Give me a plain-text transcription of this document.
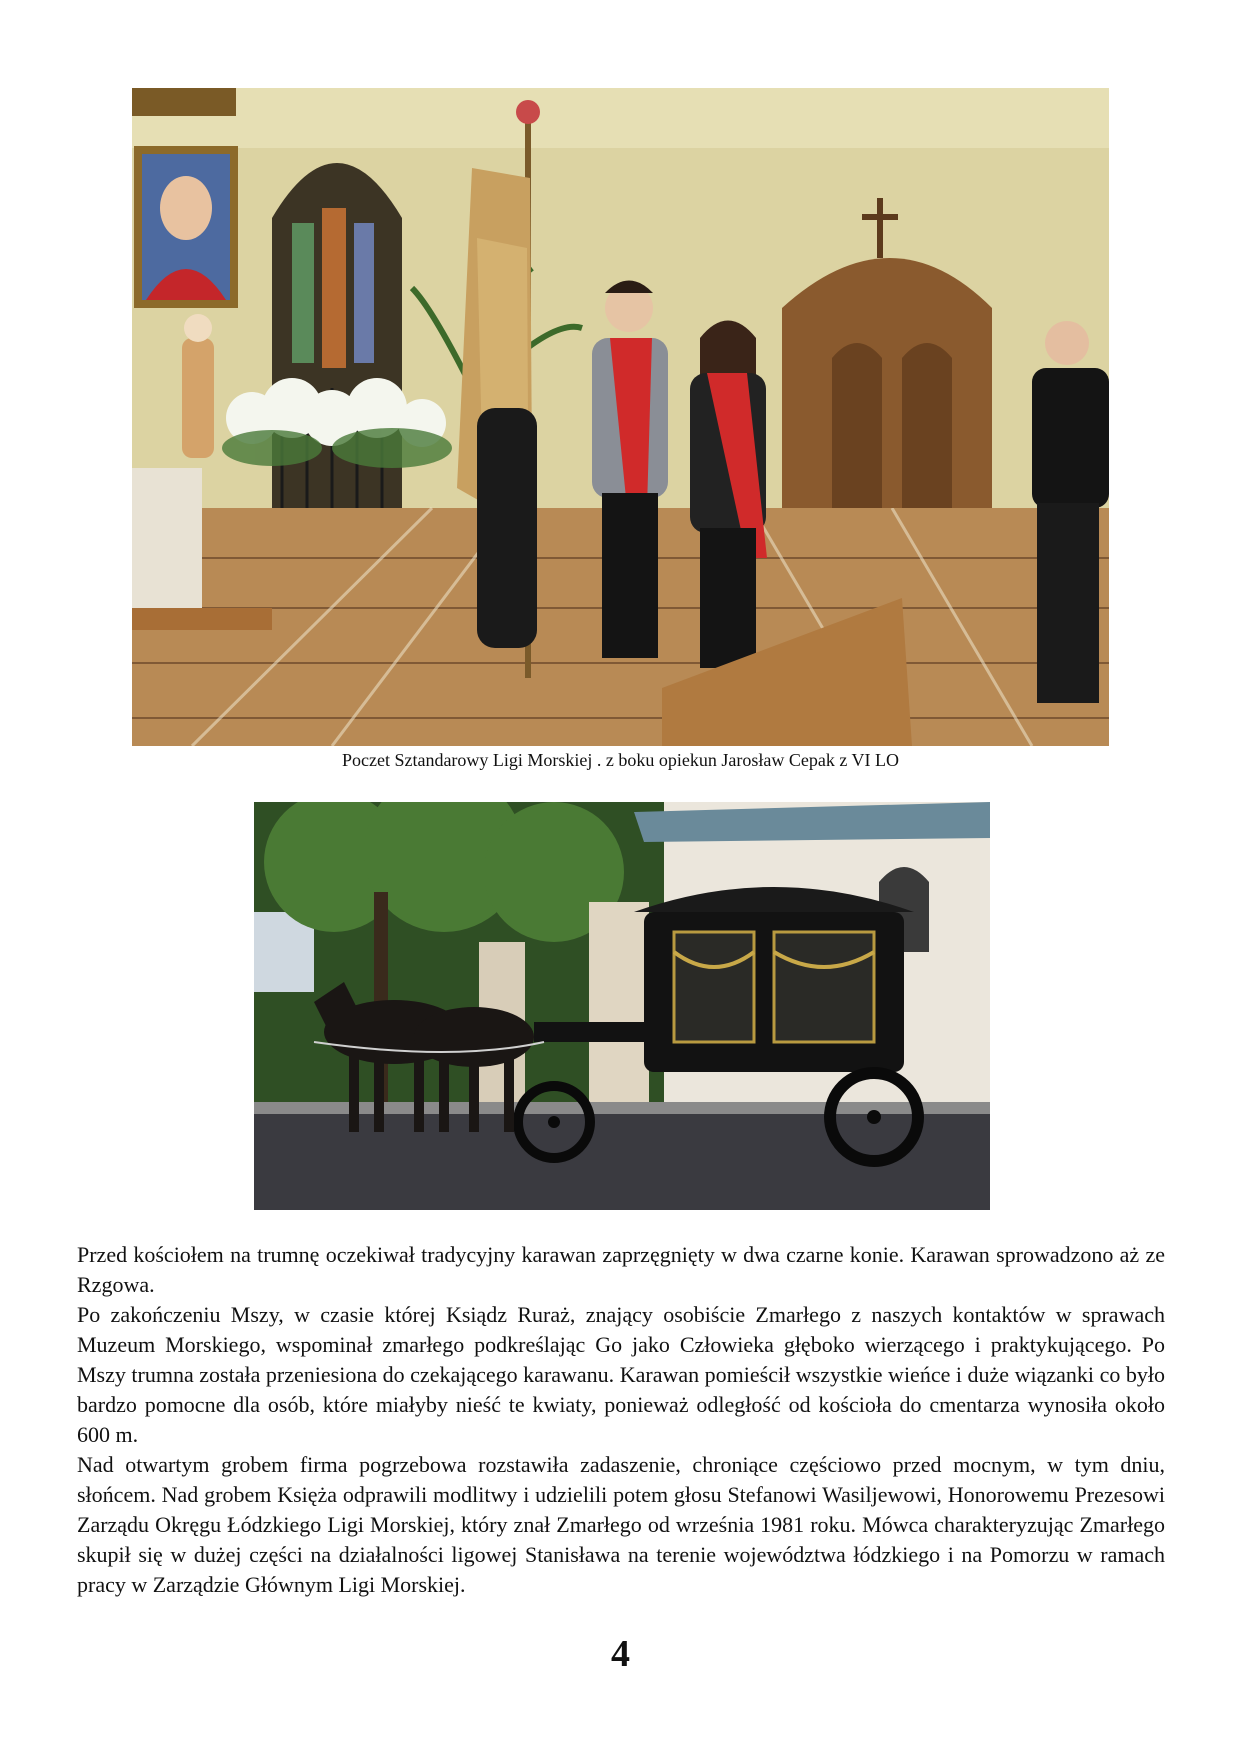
Poczet Sztandarowy Ligi Morskiej . z boku opiekun Jarosław Cepak z VI LO

Przed kościołem na trumnę oczekiwał tradycyjny karawan zaprzęgnięty w dwa czarne konie. Karawan sprowadzono aż ze Rzgowa.

Po zakończeniu Mszy, w czasie której Ksiądz Ruraż, znający osobiście Zmarłego z naszych kontaktów w sprawach Muzeum Morskiego, wspominał zmarłego podkreślając Go jako Człowieka głęboko wierzącego i praktykującego. Po Mszy trumna została przeniesiona do czekającego karawanu. Karawan pomieścił wszystkie wieńce i duże wiązanki co było bardzo pomocne dla osób, które miałyby nieść te kwiaty, ponieważ odległość od kościoła do cmentarza wynosiła około 600 m.

Nad otwartym grobem firma pogrzebowa rozstawiła zadaszenie, chroniące częściowo przed mocnym, w tym dniu, słońcem. Nad grobem Księża odprawili modlitwy i udzielili potem głosu Stefanowi Wasiljewowi, Honorowemu Prezesowi Zarządu Okręgu Łódzkiego Ligi Morskiej, który znał Zmarłego od września 1981 roku. Mówca charakteryzując Zmarłego skupił się w dużej części na działalności ligowej Stanisława na terenie województwa łódzkiego i na Pomorzu w ramach pracy w Zarządzie Głównym Ligi Morskiej.

4
